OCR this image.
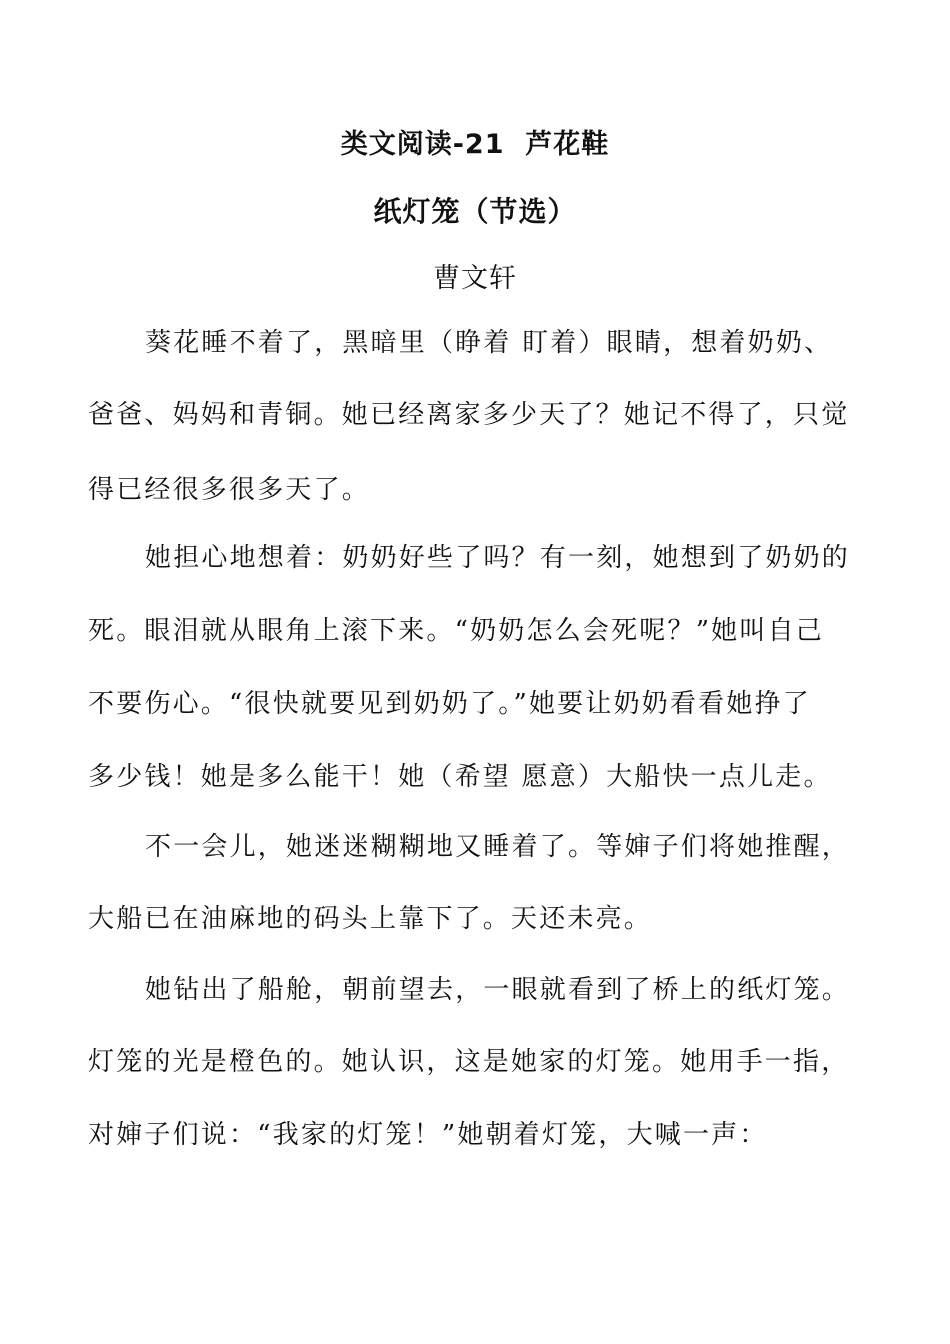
类文阅读-21  芦花鞋
纸灯笼（节选）
曹文轩
葵花睡不着了，黑暗里（睁着 盯着）眼睛，想着奶奶、
爸爸、妈妈和青铜。她已经离家多少天了？她记不得了，只觉
得已经很多很多天了。
她担心地想着：奶奶好些了吗？有一刻，她想到了奶奶的
死。眼泪就从眼角上滚下来。“奶奶怎么会死呢？”她叫自己
不要伤心。“很快就要见到奶奶了。”她要让奶奶看看她挣了
多少钱！她是多么能干！她（希望 愿意）大船快一点儿走。
不一会儿，她迷迷糊糊地又睡着了。等婶子们将她推醒，
大船已在油麻地的码头上靠下了。天还未亮。
她钻出了船舱，朝前望去，一眼就看到了桥上的纸灯笼。
灯笼的光是橙色的。她认识，这是她家的灯笼。她用手一指，
对婶子们说：“我家的灯笼！”她朝着灯笼，大喊一声：
